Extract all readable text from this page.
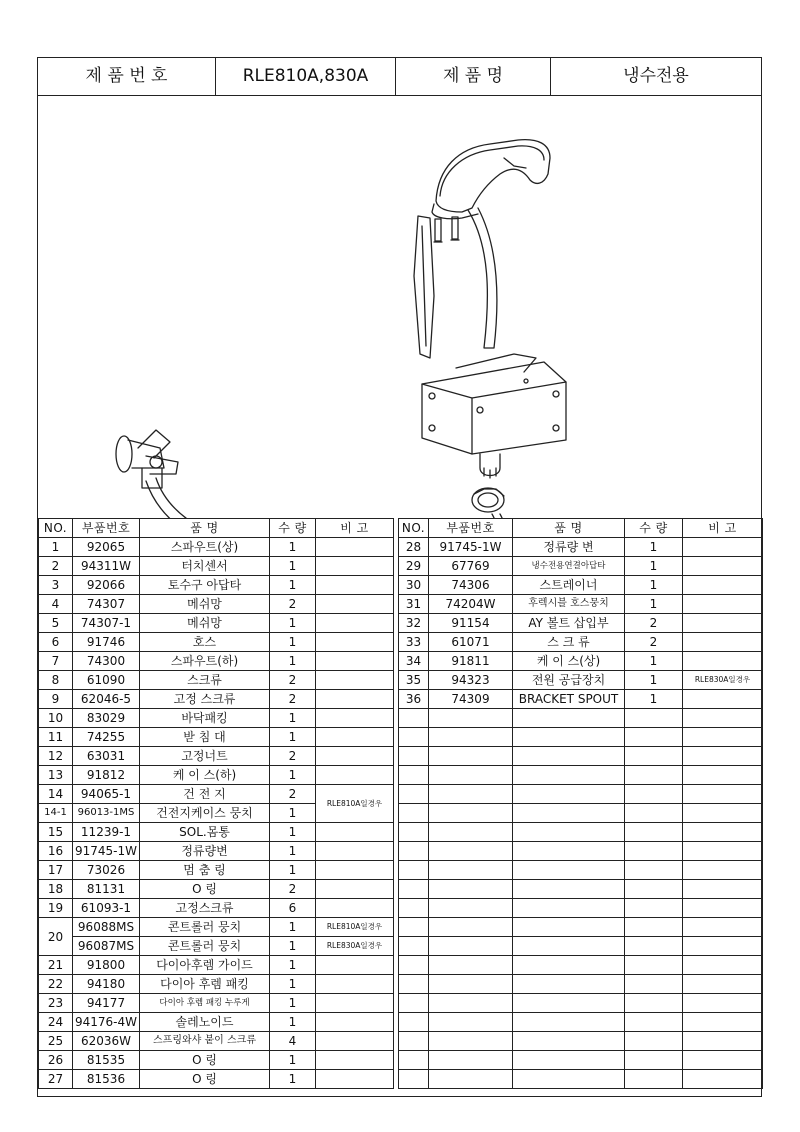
제 품 번 호	RLE810A,830A	제 품 명	냉수전용
NO.	부품번호	품 명	수 량	비 고
1	92065	스파우트(상)	1	
2	94311W	터치센서	1	
3	92066	토수구 아답타	1	
4	74307	메쉬망	2	
5	74307-1	메쉬망	1	
6	91746	호스	1	
7	74300	스파우트(하)	1	
8	61090	스크류	2	
9	62046-5	고정 스크류	2	
10	83029	바닥패킹	1	
11	74255	받 침 대	1	
12	63031	고정너트	2	
13	91812	케 이 스(하)	1	
14	94065-1	건 전 지	2	RLE810A일경우
14-1	96013-1MS	건전지케이스 뭉치	1	
15	11239-1	SOL.몸통	1	
16	91745-1W	정류량변	1	
17	73026	멈 춤 링	1	
18	81131	O 링	2	
19	61093-1	고정스크류	6	
20	96088MS	콘트롤러 뭉치	1	RLE810A일경우
	96087MS	콘트롤러 뭉치	1	RLE830A일경우
21	91800	다이아후렘 가이드	1	
22	94180	다이아 후렘 패킹	1	
23	94177	다이아 후렘 패킹 누루게	1	
24	94176-4W	솔레노이드	1	
25	62036W	스프링와샤 붙이 스크류	4	
26	81535	O 링	1	
27	81536	O 링	1	
NO.	부품번호	품 명	수 량	비 고
28	91745-1W	정류량 변	1	
29	67769	냉수전용연결아답타	1	
30	74306	스트레이너	1	
31	74204W	후렉시블 호스뭉치	1	
32	91154	AY 볼트 삽입부	2	
33	61071	스 크 류	2	
34	91811	케 이 스(상)	1	
35	94323	전원 공급장치	1	RLE830A일경우
36	74309	BRACKET SPOUT	1	
